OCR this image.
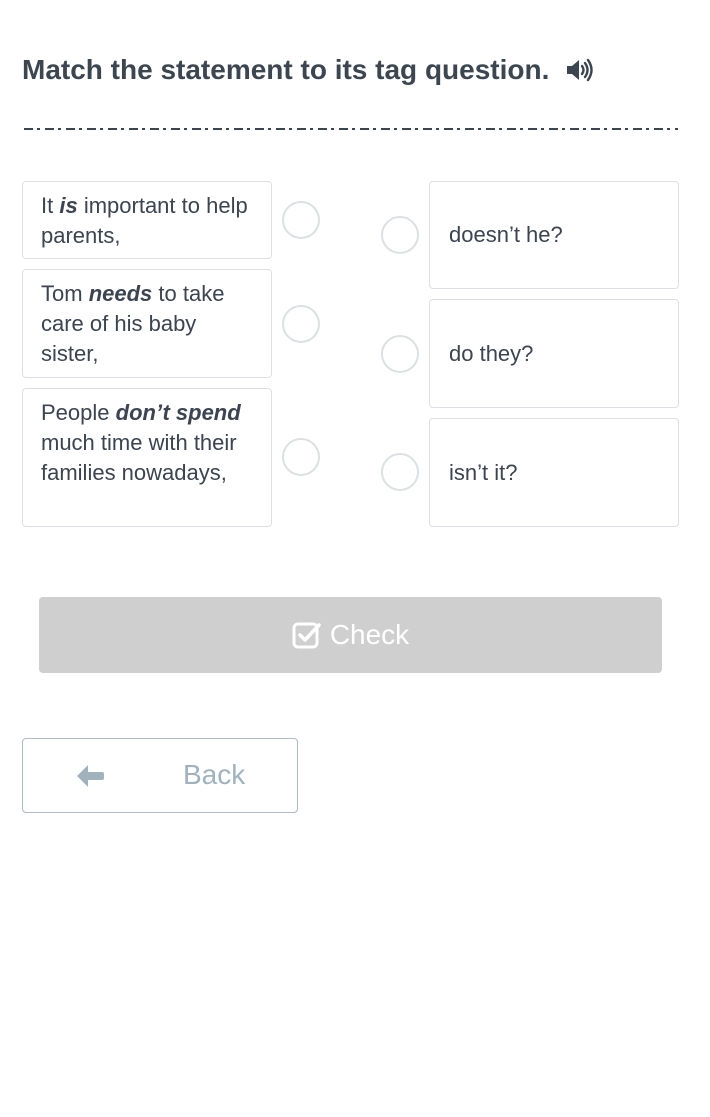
Match the statement to its tag question.
It is important to help parents,
Tom needs to take care of his baby sister,
People don’t spend much time with their families nowadays,
doesn’t he?
do they?
isn’t it?
Check
Back
